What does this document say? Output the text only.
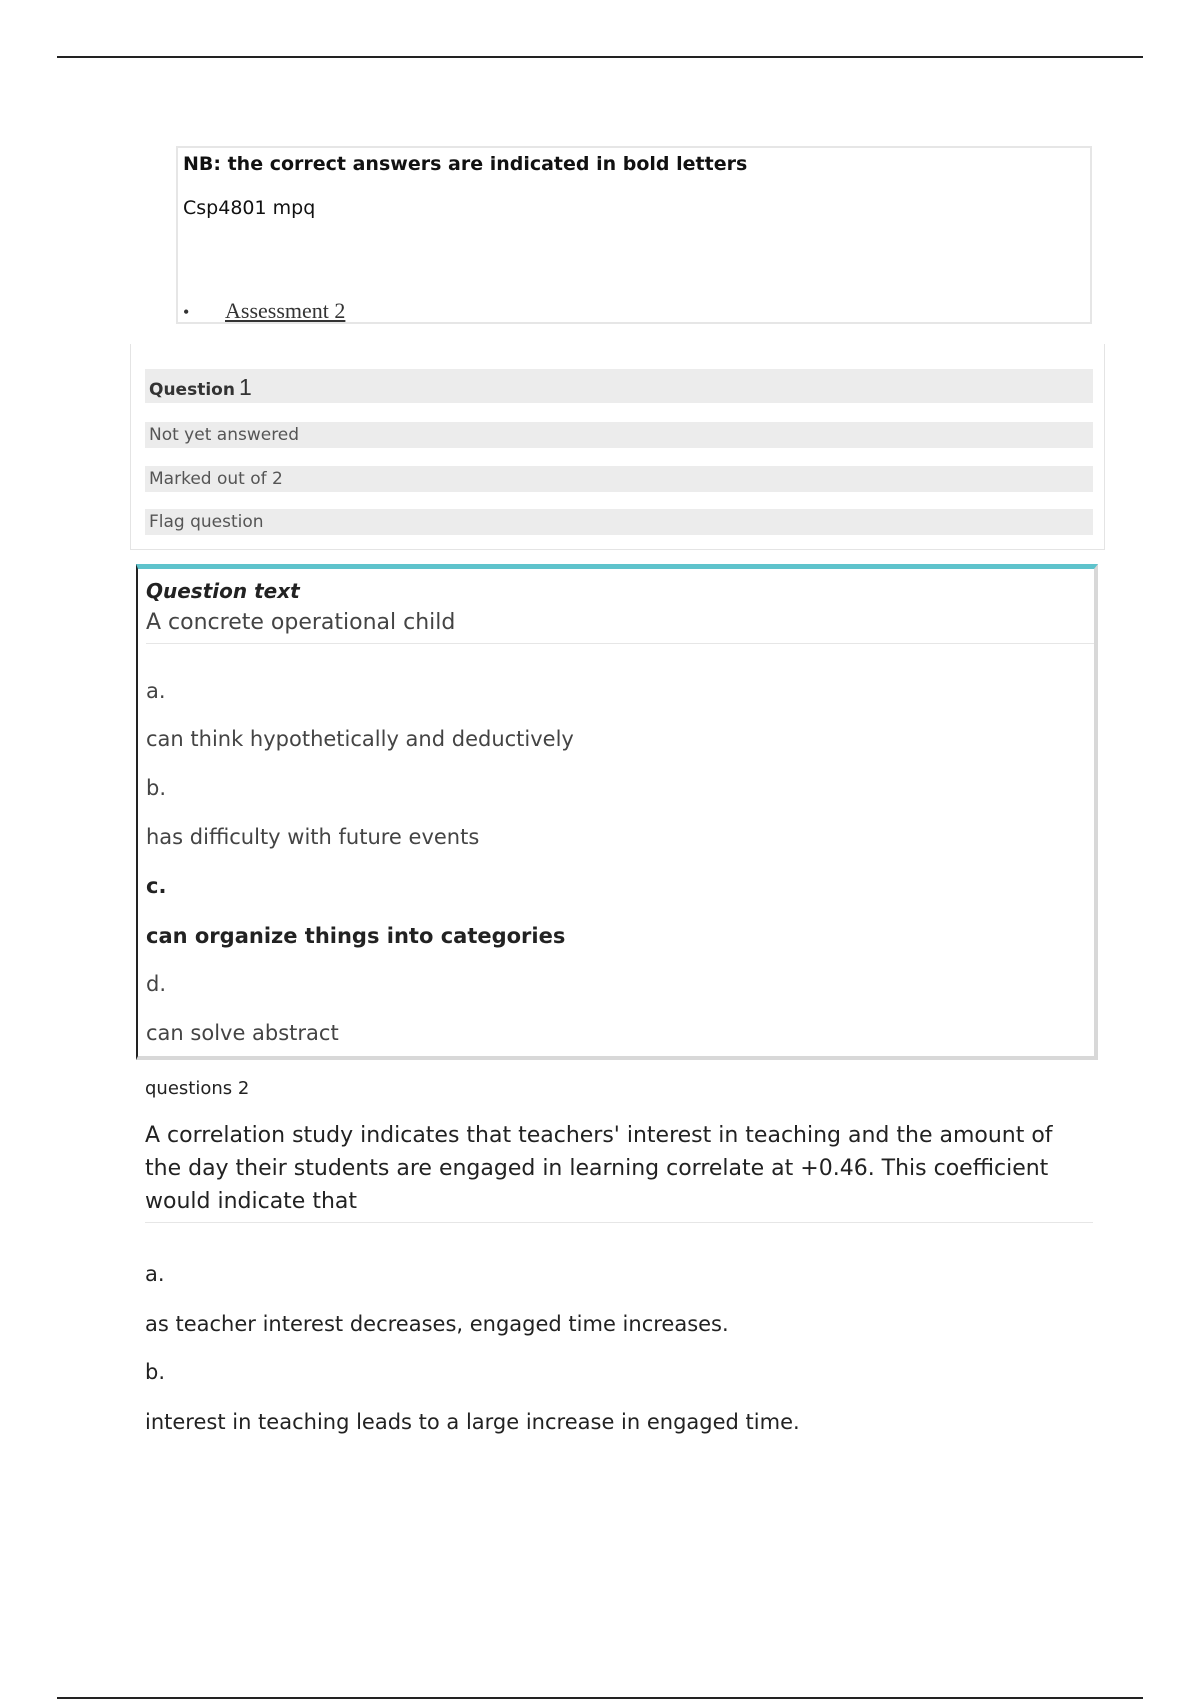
NB: the correct answers are indicated in bold letters
Csp4801 mpq
• Assessment 2
Question 1
Not yet answered
Marked out of 2
Flag question
Question text
A concrete operational child
a.
can think hypothetically and deductively
b.
has difficulty with future events
c.
can organize things into categories
d.
can solve abstract
questions 2
A correlation study indicates that teachers' interest in teaching and the amount of the day their students are engaged in learning correlate at +0.46. This coefficient would indicate that
a.
as teacher interest decreases, engaged time increases.
b.
interest in teaching leads to a large increase in engaged time.
